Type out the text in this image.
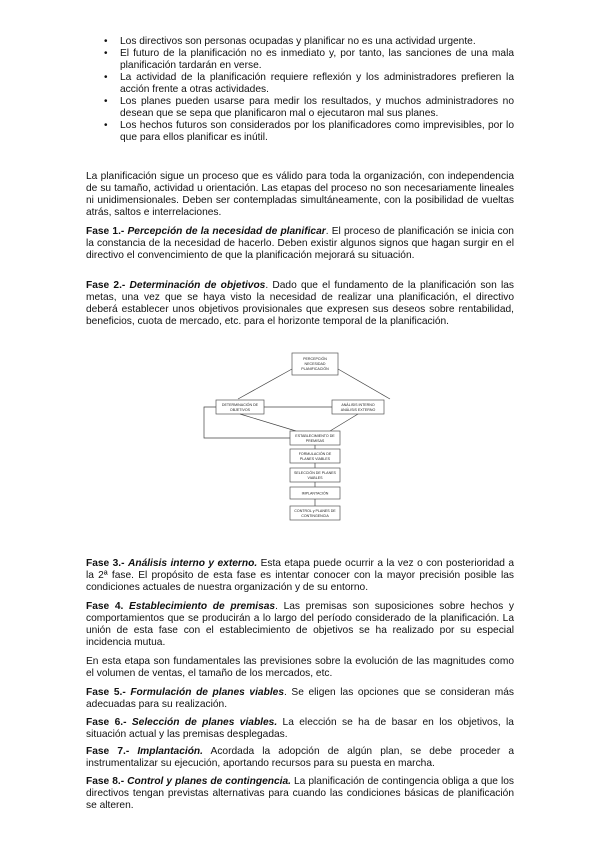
• Los directivos son personas ocupadas y planificar no es una actividad urgente.
• El futuro de la planificación no es inmediato y, por tanto, las sanciones de una mala planificación tardarán en verse.
• La actividad de la planificación requiere reflexión y los administradores prefieren la acción frente a otras actividades.
• Los planes pueden usarse para medir los resultados, y muchos administradores no desean que se sepa que planificaron mal o ejecutaron mal sus planes.
• Los hechos futuros son considerados por los planificadores como imprevisibles, por lo que para ellos planificar es inútil.

La planificación sigue un proceso que es válido para toda la organización, con independencia de su tamaño, actividad u orientación. Las etapas del proceso no son necesariamente lineales ni unidimensionales. Deben ser contempladas simultáneamente, con la posibilidad de vueltas atrás, saltos e interrelaciones.

Fase 1.- Percepción de la necesidad de planificar. El proceso de planificación se inicia con la constancia de la necesidad de hacerlo. Deben existir algunos signos que hagan surgir en el directivo el convencimiento de que la planificación mejorará su situación.

Fase 2.- Determinación de objetivos. Dado que el fundamento de la planificación son las metas, una vez que se haya visto la necesidad de realizar una planificación, el directivo deberá establecer unos objetivos provisionales que expresen sus deseos sobre rentabilidad, beneficios, cuota de mercado, etc. para el horizonte temporal de la planificación.

PERCEPCIÓN
NECESIDAD
PLANIFICACIÓN
DETERMINACIÓN DE
OBJETIVOS
ANÁLISIS INTERNO
ANÁLISIS EXTERNO
ESTABLECIMIENTO DE
PREMISAS
FORMULACIÓN DE
PLANES VIABLES
SELECCIÓN DE PLANES
VIABLES
IMPLANTACIÓN
CONTROL y PLANES DE
CONTINGENCIA

Fase 3.- Análisis interno y externo. Esta etapa puede ocurrir a la vez o con posterioridad a la 2ª fase. El propósito de esta fase es intentar conocer con la mayor precisión posible las condiciones actuales de nuestra organización y de su entorno.

Fase 4. Establecimiento de premisas. Las premisas son suposiciones sobre hechos y comportamientos que se producirán a lo largo del período considerado de la planificación. La unión de esta fase con el establecimiento de objetivos se ha realizado por su especial incidencia mutua.

En esta etapa son fundamentales las previsiones sobre la evolución de las magnitudes como el volumen de ventas, el tamaño de los mercados, etc.

Fase 5.- Formulación de planes viables. Se eligen las opciones que se consideran más adecuadas para su realización.

Fase 6.- Selección de planes viables. La elección se ha de basar en los objetivos, la situación actual y las premisas desplegadas.

Fase 7.- Implantación. Acordada la adopción de algún plan, se debe proceder a instrumentalizar su ejecución, aportando recursos para su puesta en marcha.

Fase 8.- Control y planes de contingencia. La planificación de contingencia obliga a que los directivos tengan previstas alternativas para cuando las condiciones básicas de planificación se alteren.
